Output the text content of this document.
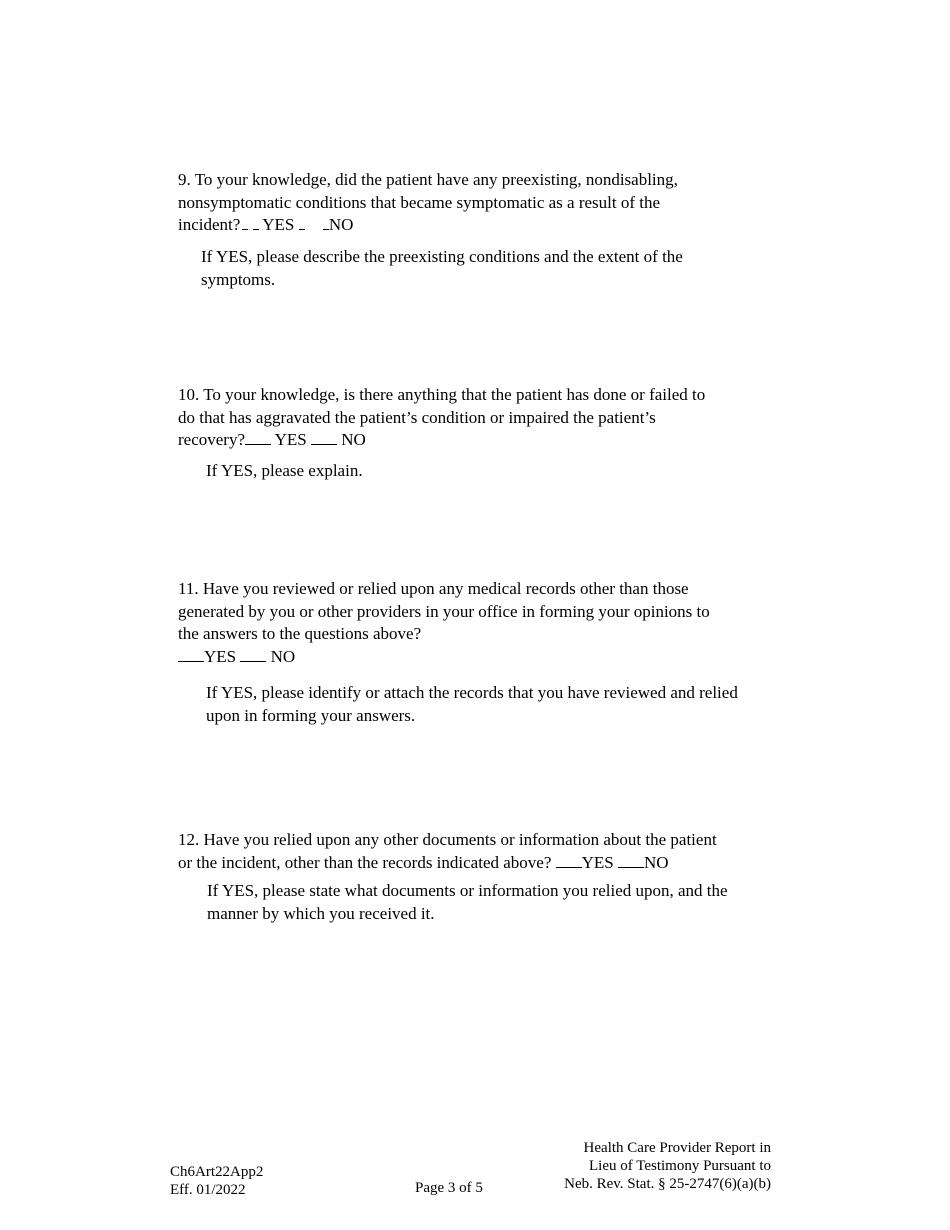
9. To your knowledge, did the patient have any preexisting, nondisabling,
nonsymptomatic conditions that became symptomatic as a result of the
incident? YES NO

If YES, please describe the preexisting conditions and the extent of the symptoms.

10. To your knowledge, is there anything that the patient has done or failed to
do that has aggravated the patient’s condition or impaired the patient’s
recovery? YES NO

If YES, please explain.

11. Have you reviewed or relied upon any medical records other than those
generated by you or other providers in your office in forming your opinions to
the answers to the questions above?
YES NO

If YES, please identify or attach the records that you have reviewed and relied upon in forming your answers.

12. Have you relied upon any other documents or information about the patient
or the incident, other than the records indicated above? YES NO

If YES, please state what documents or information you relied upon, and the manner by which you received it.

Ch6Art22App2
Eff. 01/2022	Page 3 of 5
Health Care Provider Report in
Lieu of Testimony Pursuant to
Neb. Rev. Stat. § 25-2747(6)(a)(b)
